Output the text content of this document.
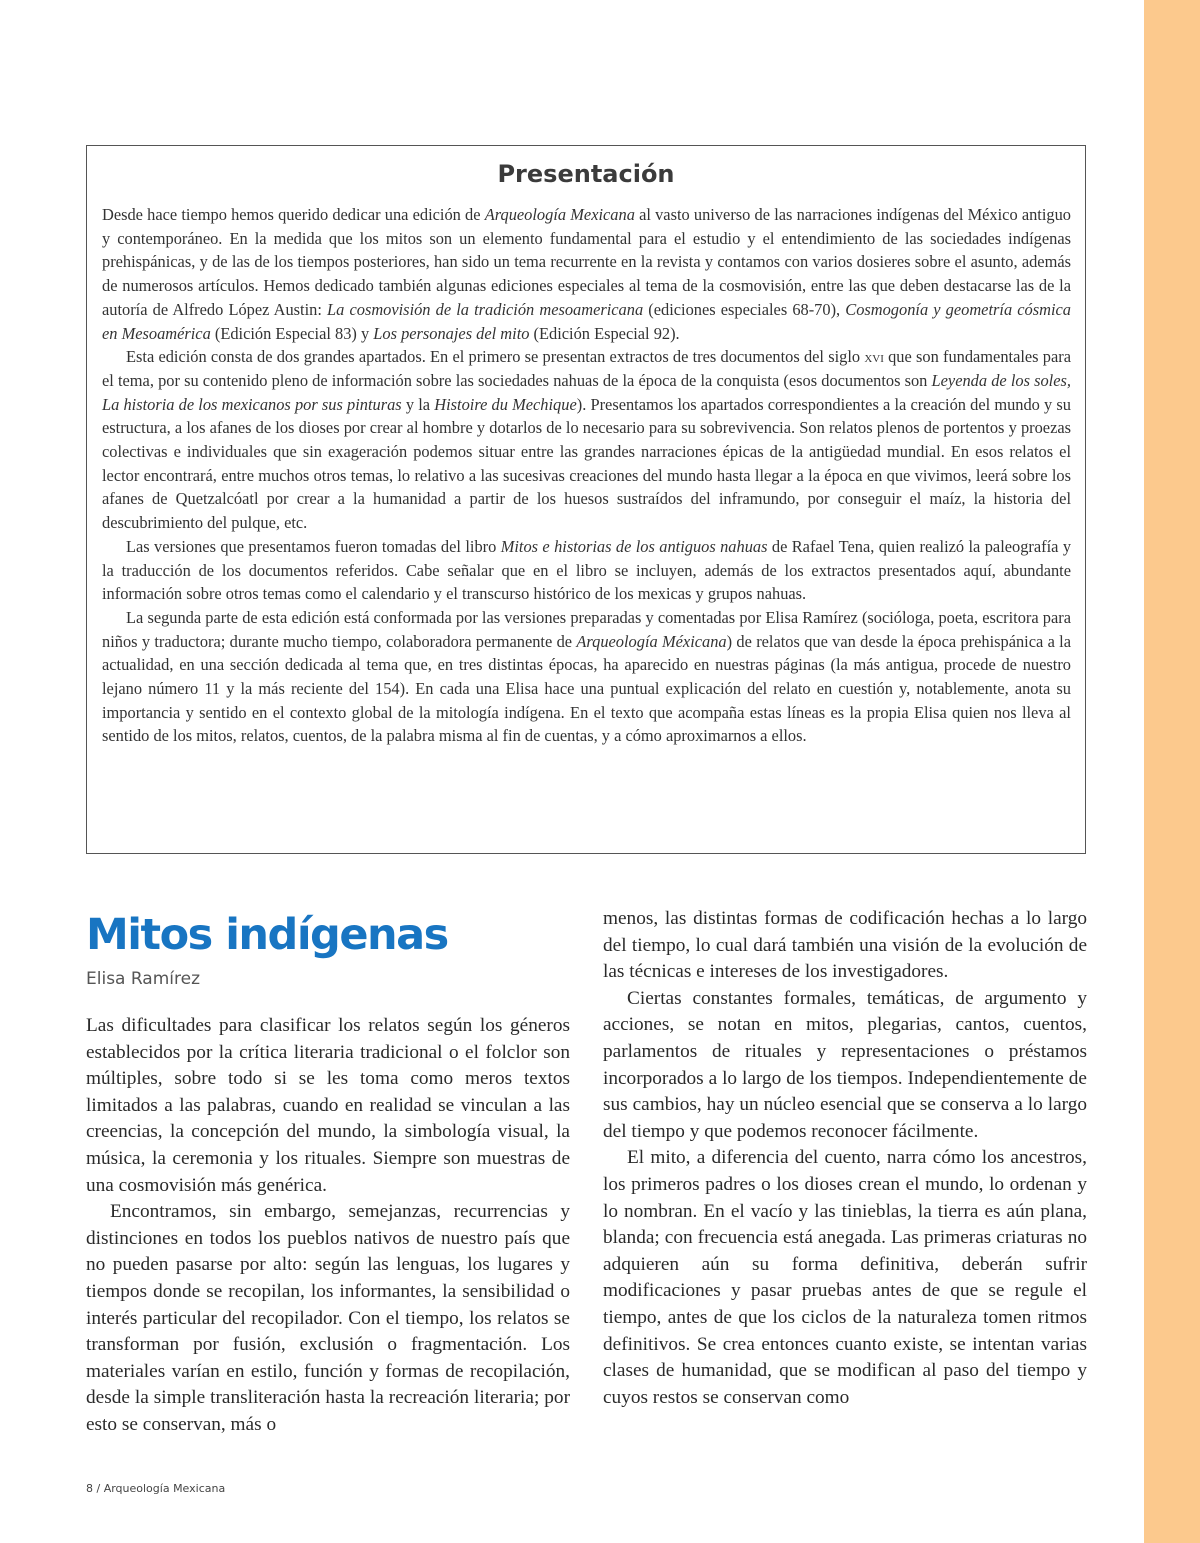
Presentación

Desde hace tiempo hemos querido dedicar una edición de Arqueología Mexicana al vasto universo de las narraciones indígenas del México antiguo y contemporáneo. En la medida que los mitos son un elemento fundamental para el estudio y el entendimiento de las sociedades indígenas prehispánicas, y de las de los tiempos posteriores, han sido un tema recurrente en la revista y contamos con varios dosieres sobre el asunto, además de numerosos artículos. Hemos dedicado también algunas ediciones especiales al tema de la cosmovisión, entre las que deben destacarse las de la autoría de Alfredo López Austin: La cosmovisión de la tradición mesoamericana (ediciones especiales 68-70), Cosmogonía y geometría cósmica en Mesoamérica (Edición Especial 83) y Los personajes del mito (Edición Especial 92).

Esta edición consta de dos grandes apartados. En el primero se presentan extractos de tres documentos del siglo xvi que son fundamentales para el tema, por su contenido pleno de información sobre las sociedades nahuas de la época de la conquista (esos documentos son Leyenda de los soles, La historia de los mexicanos por sus pinturas y la Histoire du Mechique). Presentamos los apartados correspondientes a la creación del mundo y su estructura, a los afanes de los dioses por crear al hombre y dotarlos de lo necesario para su sobrevivencia. Son relatos plenos de portentos y proezas colectivas e individuales que sin exageración podemos situar entre las grandes narraciones épicas de la antigüedad mundial. En esos relatos el lector encontrará, entre muchos otros temas, lo relativo a las sucesivas creaciones del mundo hasta llegar a la época en que vivimos, leerá sobre los afanes de Quetzalcóatl por crear a la humanidad a partir de los huesos sustraídos del inframundo, por conseguir el maíz, la historia del descubrimiento del pulque, etc.

Las versiones que presentamos fueron tomadas del libro Mitos e historias de los antiguos nahuas de Rafael Tena, quien realizó la paleografía y la traducción de los documentos referidos. Cabe señalar que en el libro se incluyen, además de los extractos presentados aquí, abundante información sobre otros temas como el calendario y el transcurso histórico de los mexicas y grupos nahuas.

La segunda parte de esta edición está conformada por las versiones preparadas y comentadas por Elisa Ramírez (socióloga, poeta, escritora para niños y traductora; durante mucho tiempo, colaboradora permanente de Arqueología Méxicana) de relatos que van desde la época prehispánica a la actualidad, en una sección dedicada al tema que, en tres distintas épocas, ha aparecido en nuestras páginas (la más antigua, procede de nuestro lejano número 11 y la más reciente del 154). En cada una Elisa hace una puntual explicación del relato en cuestión y, notablemente, anota su importancia y sentido en el contexto global de la mitología indígena. En el texto que acompaña estas líneas es la propia Elisa quien nos lleva al sentido de los mitos, relatos, cuentos, de la palabra misma al fin de cuentas, y a cómo aproximarnos a ellos.

Mitos indígenas
Elisa Ramírez

Las dificultades para clasificar los relatos según los géneros establecidos por la crítica literaria tradicional o el folclor son múltiples, sobre todo si se les toma como meros textos limitados a las palabras, cuando en realidad se vinculan a las creencias, la concepción del mundo, la simbología visual, la música, la ceremonia y los rituales. Siempre son muestras de una cosmovisión más genérica.

Encontramos, sin embargo, semejanzas, recurrencias y distinciones en todos los pueblos nativos de nuestro país que no pueden pasarse por alto: según las lenguas, los lugares y tiempos donde se recopilan, los informantes, la sensibilidad o interés particular del recopilador. Con el tiempo, los relatos se transforman por fusión, exclusión o fragmentación. Los materiales varían en estilo, función y formas de recopilación, desde la simple transliteración hasta la recreación literaria; por esto se conservan, más o

menos, las distintas formas de codificación hechas a lo largo del tiempo, lo cual dará también una visión de la evolución de las técnicas e intereses de los investigadores.

Ciertas constantes formales, temáticas, de argumento y acciones, se notan en mitos, plegarias, cantos, cuentos, parlamentos de rituales y representaciones o préstamos incorporados a lo largo de los tiempos. Independientemente de sus cambios, hay un núcleo esencial que se conserva a lo largo del tiempo y que podemos reconocer fácilmente.

El mito, a diferencia del cuento, narra cómo los ancestros, los primeros padres o los dioses crean el mundo, lo ordenan y lo nombran. En el vacío y las tinieblas, la tierra es aún plana, blanda; con frecuencia está anegada. Las primeras criaturas no adquieren aún su forma definitiva, deberán sufrir modificaciones y pasar pruebas antes de que se regule el tiempo, antes de que los ciclos de la naturaleza tomen ritmos definitivos. Se crea entonces cuanto existe, se intentan varias clases de humanidad, que se modifican al paso del tiempo y cuyos restos se conservan como

8 / Arqueología Mexicana
